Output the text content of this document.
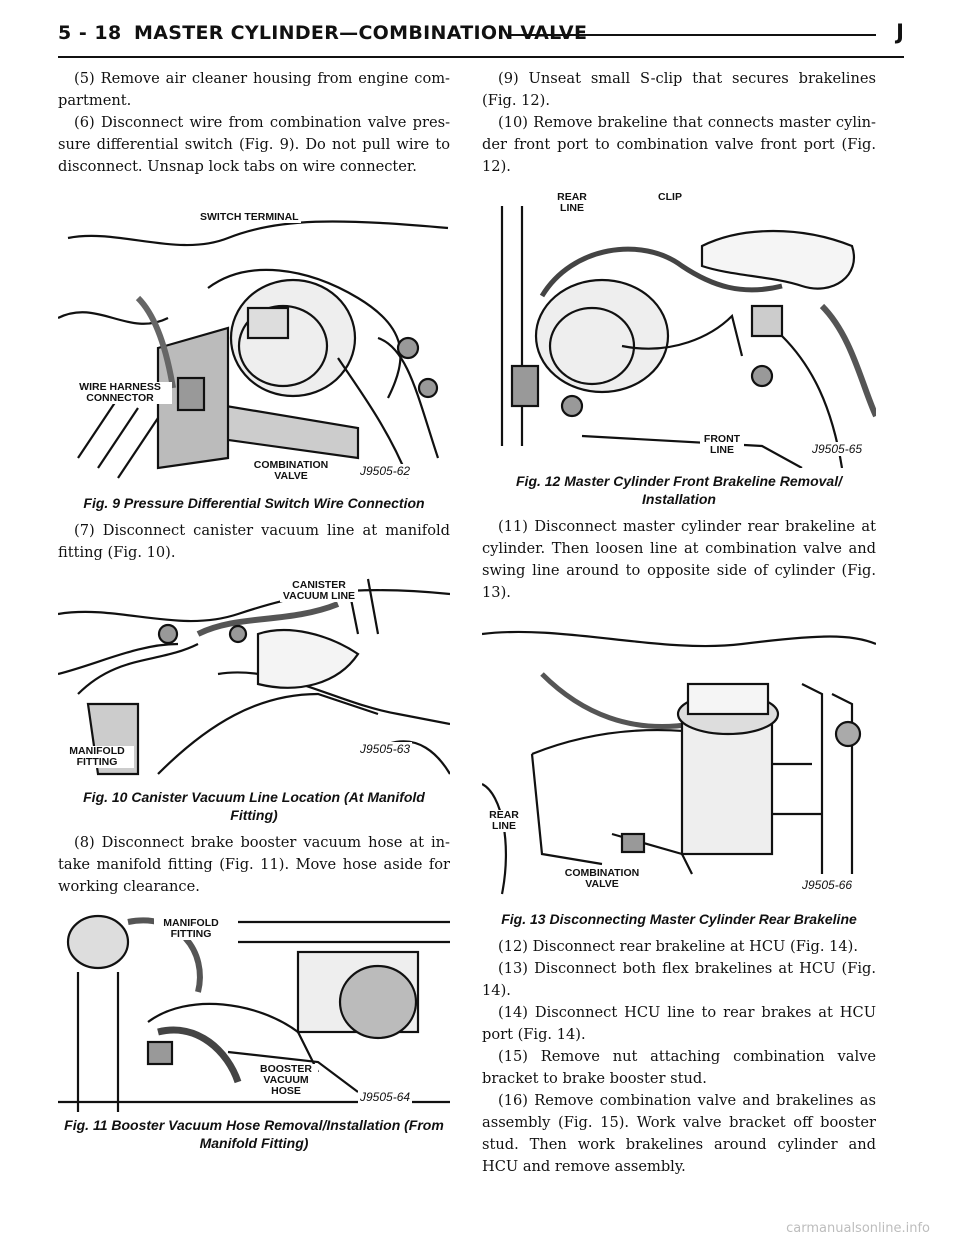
5 - 18 MASTER CYLINDER—COMBINATION VALVE	J

(5) Remove air cleaner housing from engine com- partment.

(6) Disconnect wire from combination valve pres- sure differential switch (Fig. 9). Do not pull wire to disconnect. Unsnap lock tabs on wire connecter.

SWITCH TERMINAL
WIRE HARNESS CONNECTOR
COMBINATION VALVE	J9505-62

Fig. 9 Pressure Differential Switch Wire Connection

(7) Disconnect canister vacuum line at manifold fitting (Fig. 10).

CANISTER VACUUM LINE
MANIFOLD FITTING
J9505-63

Fig. 10 Canister Vacuum Line Location (At Manifold Fitting)

(8) Disconnect brake booster vacuum hose at in- take manifold fitting (Fig. 11). Move hose aside for working clearance.

MANIFOLD FITTING
BOOSTER VACUUM HOSE	J9505-64

Fig. 11 Booster Vacuum Hose Removal/Installation (From Manifold Fitting)

(9) Unseat small S-clip that secures brakelines (Fig. 12).

(10) Remove brakeline that connects master cylin- der front port to combination valve front port (Fig. 12).

REAR LINE
CLIP
FRONT LINE	J9505-65

Fig. 12 Master Cylinder Front Brakeline Removal/ Installation

(11) Disconnect master cylinder rear brakeline at cylinder. Then loosen line at combination valve and swing line around to opposite side of cylinder (Fig. 13).

REAR LINE
COMBINATION VALVE	J9505-66

Fig. 13 Disconnecting Master Cylinder Rear Brakeline

(12) Disconnect rear brakeline at HCU (Fig. 14).

(13) Disconnect both flex brakelines at HCU (Fig. 14).

(14) Disconnect HCU line to rear brakes at HCU port (Fig. 14).

(15) Remove nut attaching combination valve bracket to brake booster stud.

(16) Remove combination valve and brakelines as assembly (Fig. 15). Work valve bracket off booster stud. Then work brakelines around cylinder and HCU and remove assembly.

carmanualsonline.info
